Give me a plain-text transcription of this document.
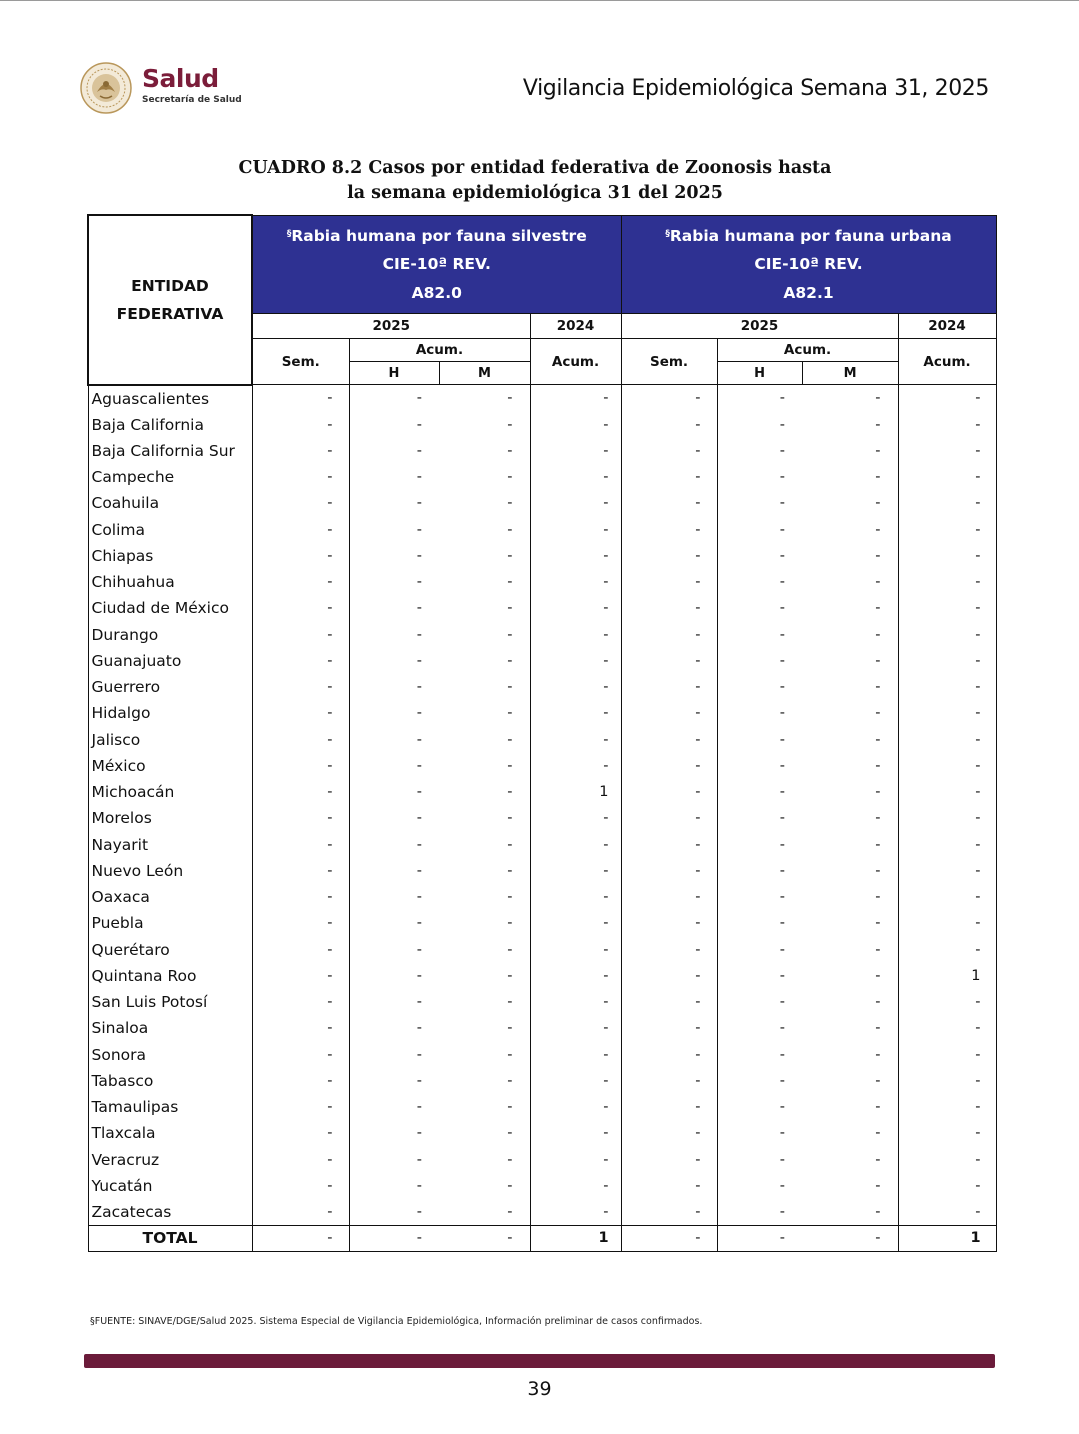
Salud
Secretaría de Salud	Vigilancia Epidemiológica Semana 31, 2025
CUADRO 8.2 Casos por entidad federativa de Zoonosis hasta
la semana epidemiológica 31 del 2025
ENTIDAD
FEDERATIVA	§Rabia humana por fauna silvestre
CIE-10ª REV.
A82.0				§Rabia humana por fauna urbana
CIE-10ª REV.
A82.1			
	2025			2024	2025			2024
	Sem.	Acum.		Acum.	Sem.	Acum.		Acum.
		H	M			H	M	
Aguascalientes	-	-	-	-	-	-	-	-
Baja California	-	-	-	-	-	-	-	-
Baja California Sur	-	-	-	-	-	-	-	-
Campeche	-	-	-	-	-	-	-	-
Coahuila	-	-	-	-	-	-	-	-
Colima	-	-	-	-	-	-	-	-
Chiapas	-	-	-	-	-	-	-	-
Chihuahua	-	-	-	-	-	-	-	-
Ciudad de México	-	-	-	-	-	-	-	-
Durango	-	-	-	-	-	-	-	-
Guanajuato	-	-	-	-	-	-	-	-
Guerrero	-	-	-	-	-	-	-	-
Hidalgo	-	-	-	-	-	-	-	-
Jalisco	-	-	-	-	-	-	-	-
México	-	-	-	-	-	-	-	-
Michoacán	-	-	-	1	-	-	-	-
Morelos	-	-	-	-	-	-	-	-
Nayarit	-	-	-	-	-	-	-	-
Nuevo León	-	-	-	-	-	-	-	-
Oaxaca	-	-	-	-	-	-	-	-
Puebla	-	-	-	-	-	-	-	-
Querétaro	-	-	-	-	-	-	-	-
Quintana Roo	-	-	-	-	-	-	-	1
San Luis Potosí	-	-	-	-	-	-	-	-
Sinaloa	-	-	-	-	-	-	-	-
Sonora	-	-	-	-	-	-	-	-
Tabasco	-	-	-	-	-	-	-	-
Tamaulipas	-	-	-	-	-	-	-	-
Tlaxcala	-	-	-	-	-	-	-	-
Veracruz	-	-	-	-	-	-	-	-
Yucatán	-	-	-	-	-	-	-	-
Zacatecas	-	-	-	-	-	-	-	-
TOTAL	-	-	-	1	-	-	-	1
§FUENTE: SINAVE/DGE/Salud 2025. Sistema Especial de Vigilancia Epidemiológica, Información preliminar de casos confirmados.
39
